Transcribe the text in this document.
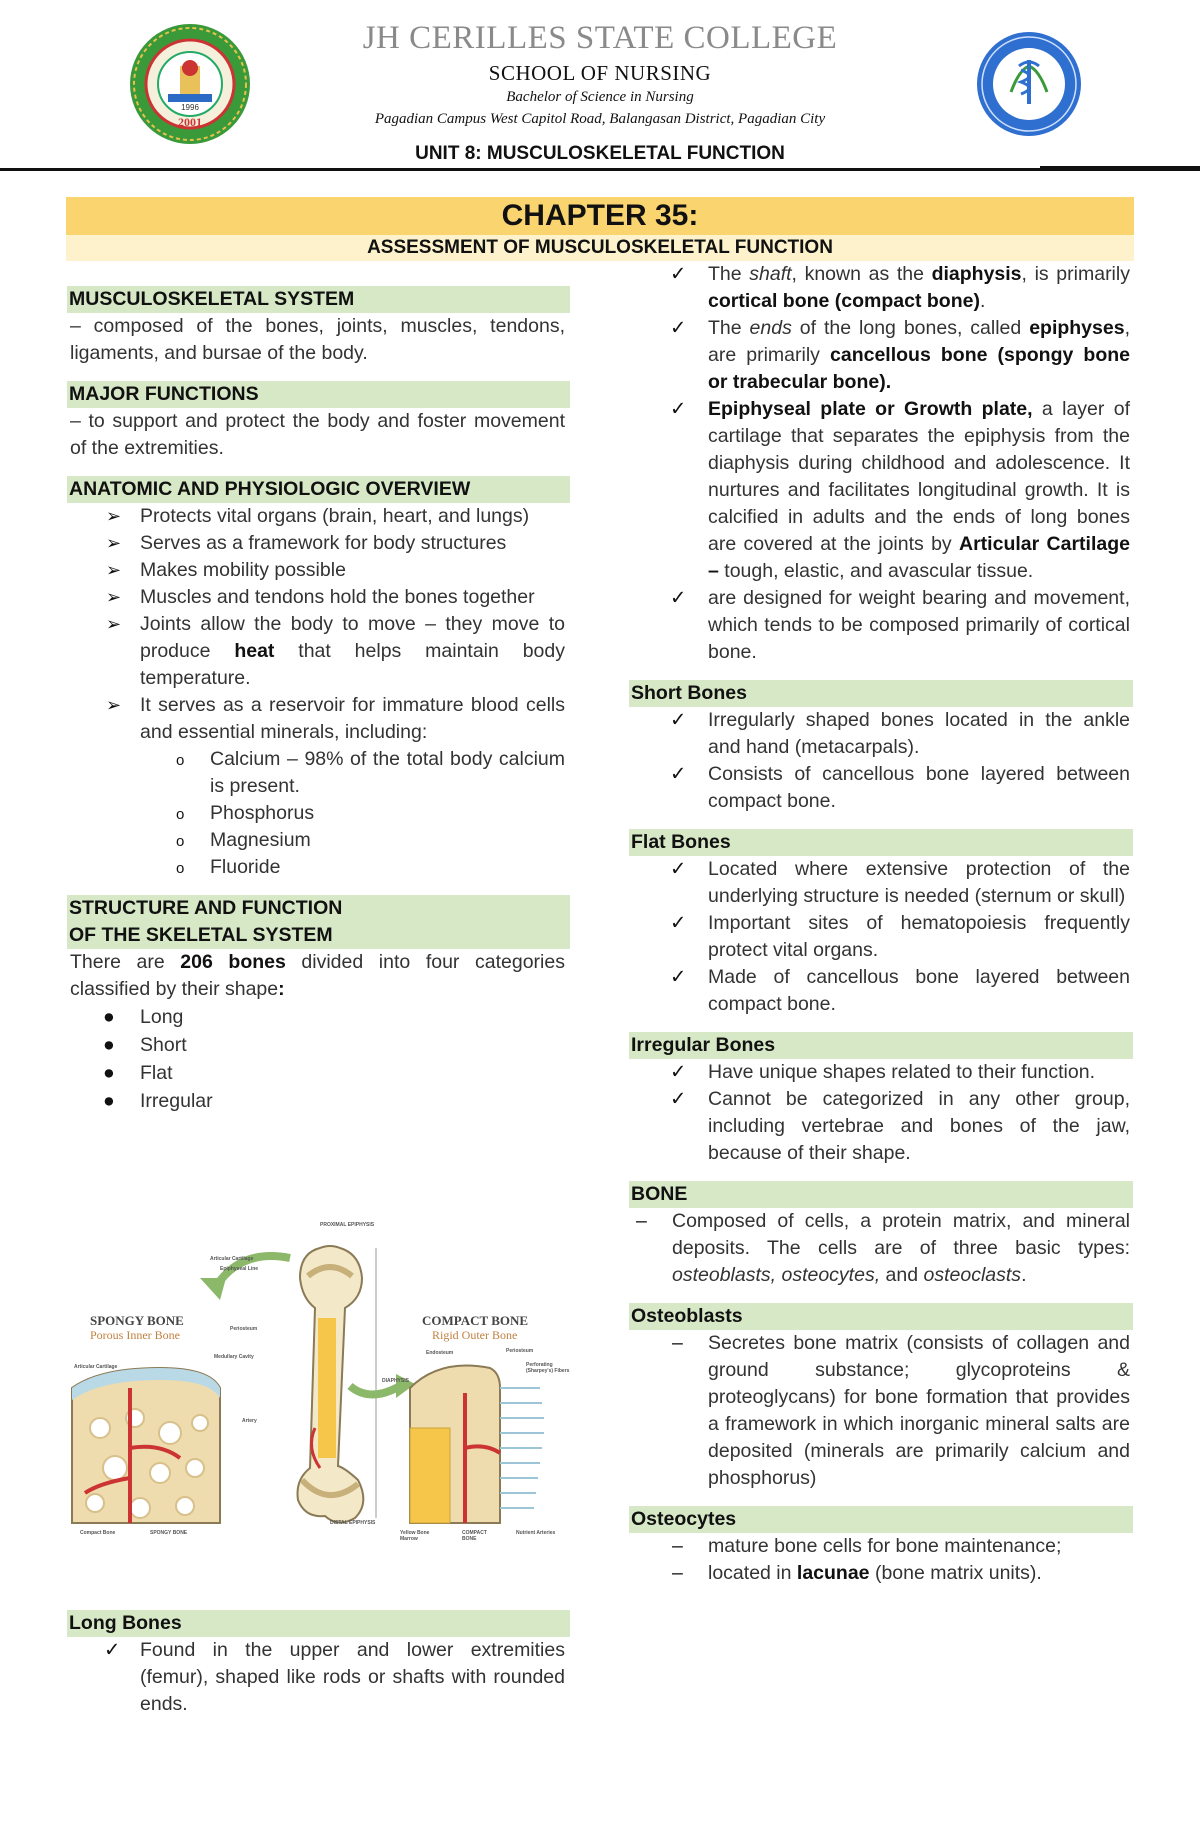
2001
1996
JH CERILLES STATE COLLEGE
SCHOOL OF NURSING
Bachelor of Science in Nursing
Pagadian Campus West Capitol Road, Balangasan District, Pagadian City
UNIT 8: MUSCULOSKELETAL FUNCTION
CHAPTER 35:
ASSESSMENT OF MUSCULOSKELETAL FUNCTION
MUSCULOSKELETAL SYSTEM

– composed of the bones, joints, muscles, tendons, ligaments, and bursae of the body.

MAJOR FUNCTIONS

– to support and protect the body and foster movement of the extremities.

ANATOMIC AND PHYSIOLOGIC OVERVIEW
➢ Protects vital organs (brain, heart, and lungs)
➢ Serves as a framework for body structures
➢ Makes mobility possible
➢ Muscles and tendons hold the bones together
➢ Joints allow the body to move – they move to produce heat that helps maintain body temperature.
➢ It serves as a reservoir for immature blood cells and essential minerals, including:
o Calcium – 98% of the total body calcium is present.
o Phosphorus
o Magnesium
o Fluoride
STRUCTURE AND FUNCTION
OF THE SKELETAL SYSTEM

There are 206 bones divided into four categories classified by their shape:

● Long
● Short
● Flat
● Irregular
SPONGY BONE
Porous Inner Bone
COMPACT BONE
Rigid Outer Bone
PROXIMAL EPIPHYSIS
Articular Cartilage
Epiphyseal Line
Periosteum
Medullary Cavity
Artery
DIAPHYSIS
DISTAL EPIPHYSIS
Articular Cartilage
Compact Bone	SPONGY BONE
Endosteum	Periosteum
Perforating (Sharpey's) Fibers
Yellow Bone Marrow
COMPACT BONE
Nutrient Arteries
Long Bones
✓ Found in the upper and lower extremities (femur), shaped like rods or shafts with rounded ends.
✓ The shaft, known as the diaphysis, is primarily cortical bone (compact bone).
✓ The ends of the long bones, called epiphyses, are primarily cancellous bone (spongy bone or trabecular bone).
✓ Epiphyseal plate or Growth plate, a layer of cartilage that separates the epiphysis from the diaphysis during childhood and adolescence. It nurtures and facilitates longitudinal growth. It is calcified in adults and the ends of long bones are covered at the joints by Articular Cartilage – tough, elastic, and avascular tissue.
✓ are designed for weight bearing and movement, which tends to be composed primarily of cortical bone.
Short Bones
✓ Irregularly shaped bones located in the ankle and hand (metacarpals).
✓ Consists of cancellous bone layered between compact bone.
Flat Bones
✓ Located where extensive protection of the underlying structure is needed (sternum or skull)
✓ Important sites of hematopoiesis frequently protect vital organs.
✓ Made of cancellous bone layered between compact bone.
Irregular Bones
✓ Have unique shapes related to their function.
✓ Cannot be categorized in any other group, including vertebrae and bones of the jaw, because of their shape.
BONE
– Composed of cells, a protein matrix, and mineral deposits. The cells are of three basic types: osteoblasts, osteocytes, and osteoclasts.
Osteoblasts
– Secretes bone matrix (consists of collagen and ground substance; glycoproteins & proteoglycans) for bone formation that provides a framework in which inorganic mineral salts are deposited (minerals are primarily calcium and phosphorus)
Osteocytes
– mature bone cells for bone maintenance;
– located in lacunae (bone matrix units).
